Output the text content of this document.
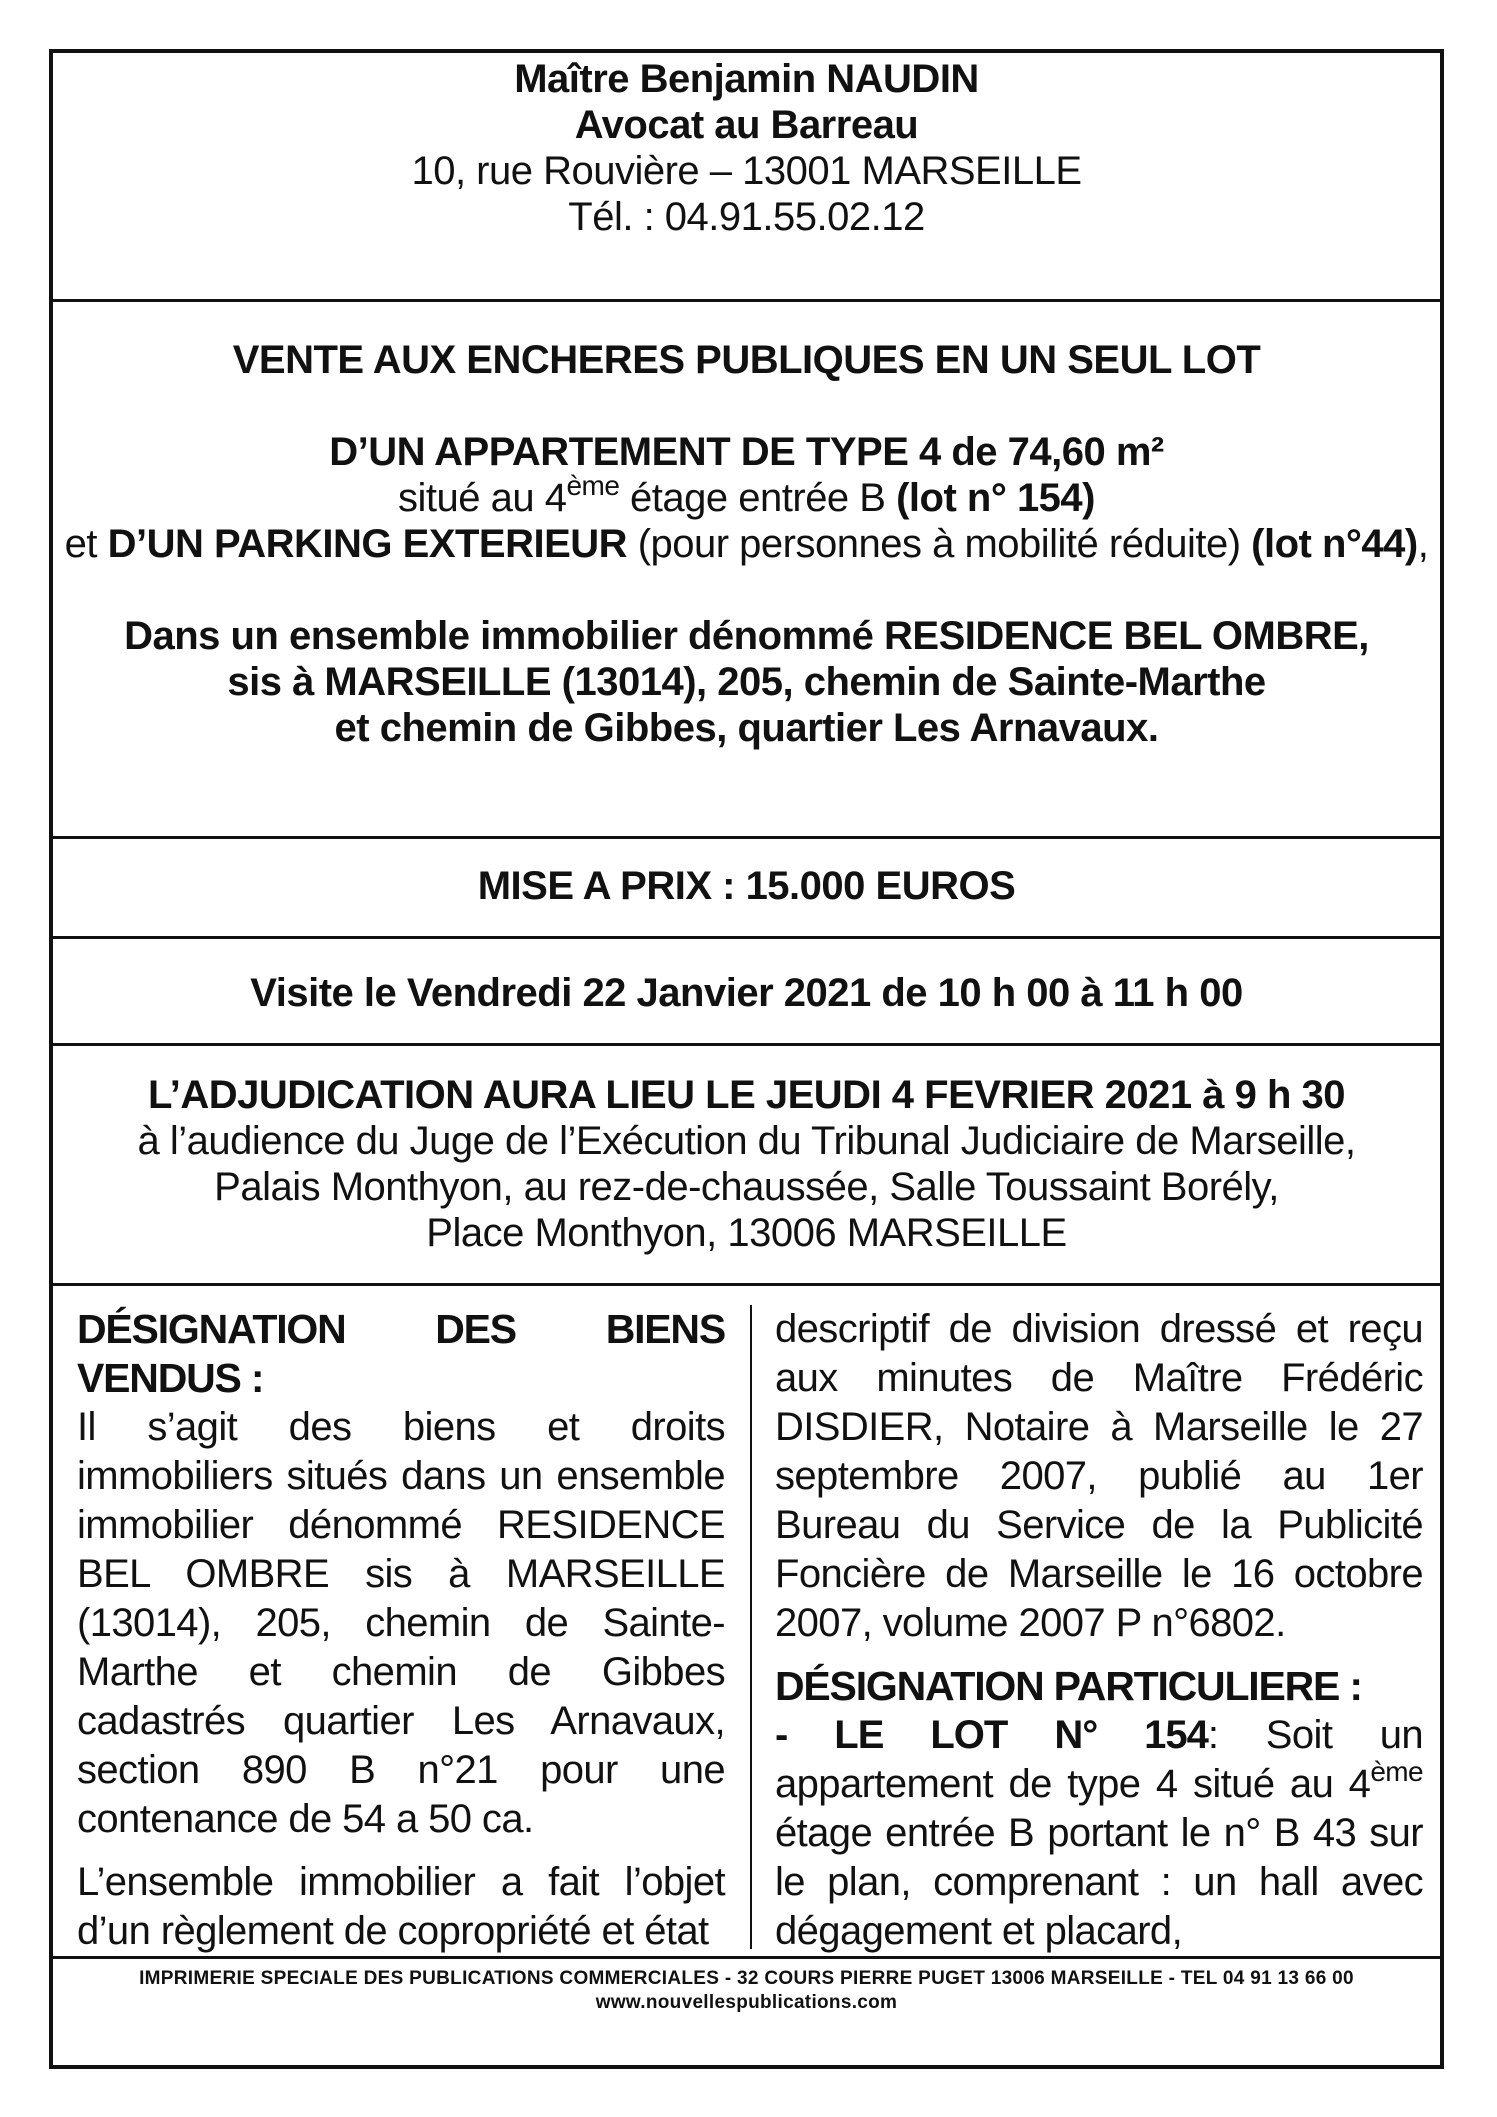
Maître Benjamin NAUDIN
Avocat au Barreau
10, rue Rouvière – 13001 MARSEILLE
Tél. : 04.91.55.02.12
VENTE AUX ENCHERES PUBLIQUES EN UN SEUL LOT
D’UN APPARTEMENT DE TYPE 4 de 74,60 m²
situé au 4ème étage entrée B (lot n° 154)
et D’UN PARKING EXTERIEUR (pour personnes à mobilité réduite) (lot n°44),
Dans un ensemble immobilier dénommé RESIDENCE BEL OMBRE,
sis à MARSEILLE (13014), 205, chemin de Sainte-Marthe
et chemin de Gibbes, quartier Les Arnavaux.
MISE A PRIX : 15.000 EUROS
Visite le Vendredi 22 Janvier 2021 de 10 h 00 à 11 h 00
L’ADJUDICATION AURA LIEU LE JEUDI 4 FEVRIER 2021 à 9 h 30
à l’audience du Juge de l’Exécution du Tribunal Judiciaire de Marseille,
Palais Monthyon, au rez-de-chaussée, Salle Toussaint Borély,
Place Monthyon, 13006 MARSEILLE
DÉSIGNATION DES BIENS VENDUS :

Il s’agit des biens et droits immobiliers situés dans un ensemble immobilier dénommé RESIDENCE BEL OMBRE sis à MARSEILLE (13014), 205, chemin de Sainte-Marthe et chemin de Gibbes cadastrés quartier Les Arnavaux, section 890 B n°21 pour une contenance de 54 a 50 ca.

L’ensemble immobilier a fait l’objet d’un règlement de copropriété et état

descriptif de division dressé et reçu aux minutes de Maître Frédéric DISDIER, Notaire à Marseille le 27 septembre 2007, publié au 1er Bureau du Service de la Publicité Foncière de Marseille le 16 octobre 2007, volume 2007 P n°6802.

DÉSIGNATION PARTICULIERE :

- LE LOT N° 154: Soit un appartement de type 4 situé au 4ème étage entrée B portant le n° B 43 sur le plan, comprenant : un hall avec dégagement et placard,

IMPRIMERIE SPECIALE DES PUBLICATIONS COMMERCIALES - 32 COURS PIERRE PUGET 13006 MARSEILLE - TEL 04 91 13 66 00
www.nouvellespublications.com
